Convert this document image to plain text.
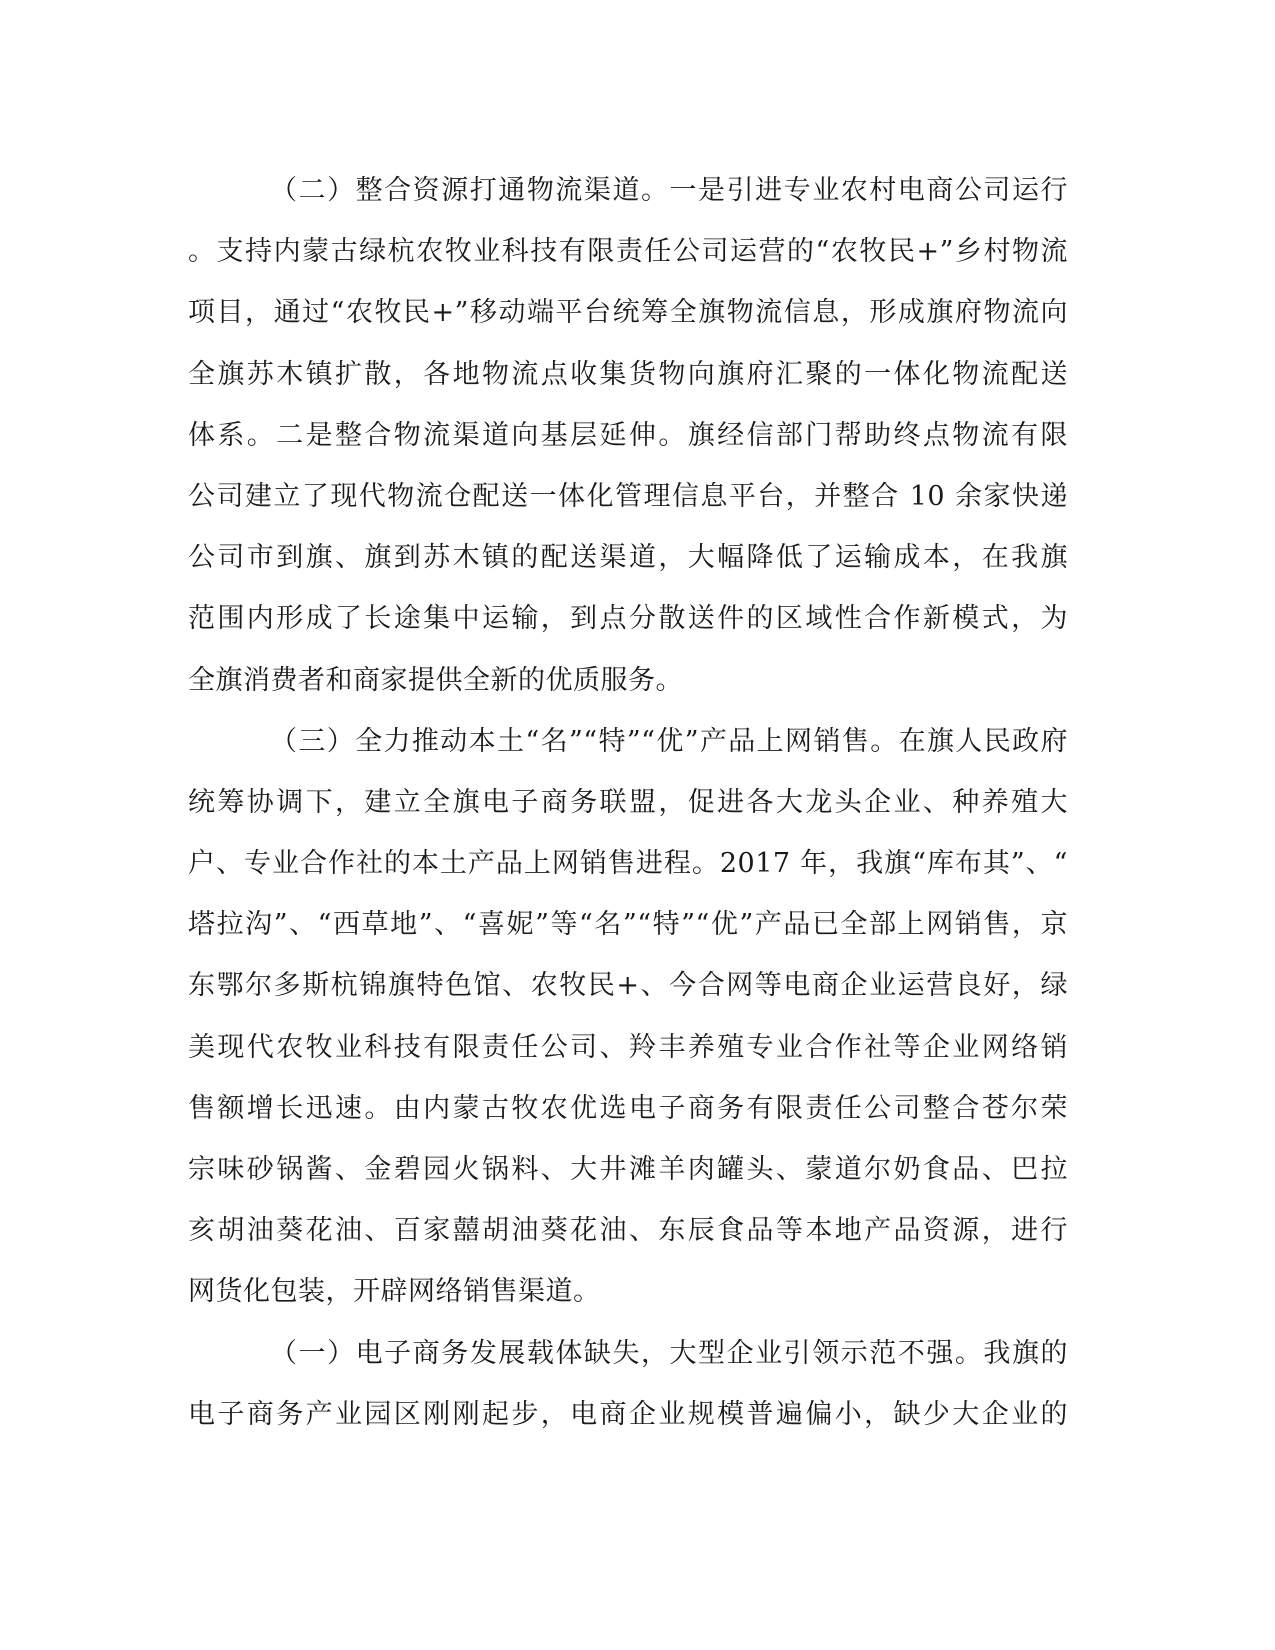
（二）整合资源打通物流渠道。一是引进专业农村电商公司运行
。支持内蒙古绿杭农牧业科技有限责任公司运营的“农牧民+”乡村物流
项目，通过“农牧民+”移动端平台统筹全旗物流信息，形成旗府物流向
全旗苏木镇扩散，各地物流点收集货物向旗府汇聚的一体化物流配送
体系。二是整合物流渠道向基层延伸。旗经信部门帮助终点物流有限
公司建立了现代物流仓配送一体化管理信息平台，并整合 10 余家快递
公司市到旗、旗到苏木镇的配送渠道，大幅降低了运输成本，在我旗
范围内形成了长途集中运输，到点分散送件的区域性合作新模式，为
全旗消费者和商家提供全新的优质服务。
（三）全力推动本土“名”“特”“优”产品上网销售。在旗人民政府
统筹协调下，建立全旗电子商务联盟，促进各大龙头企业、种养殖大
户、专业合作社的本土产品上网销售进程。2017 年，我旗“库布其”、“
塔拉沟”、“西草地”、“喜妮”等“名”“特”“优”产品已全部上网销售，京
东鄂尔多斯杭锦旗特色馆、农牧民+、今合网等电商企业运营良好，绿
美现代农牧业科技有限责任公司、羚丰养殖专业合作社等企业网络销
售额增长迅速。由内蒙古牧农优选电子商务有限责任公司整合苍尔荣
宗味砂锅酱、金碧园火锅料、大井滩羊肉罐头、蒙道尔奶食品、巴拉
亥胡油葵花油、百家囍胡油葵花油、东辰食品等本地产品资源，进行
网货化包装，开辟网络销售渠道。
（一）电子商务发展载体缺失，大型企业引领示范不强。我旗的
电子商务产业园区刚刚起步，电商企业规模普遍偏小，缺少大企业的
